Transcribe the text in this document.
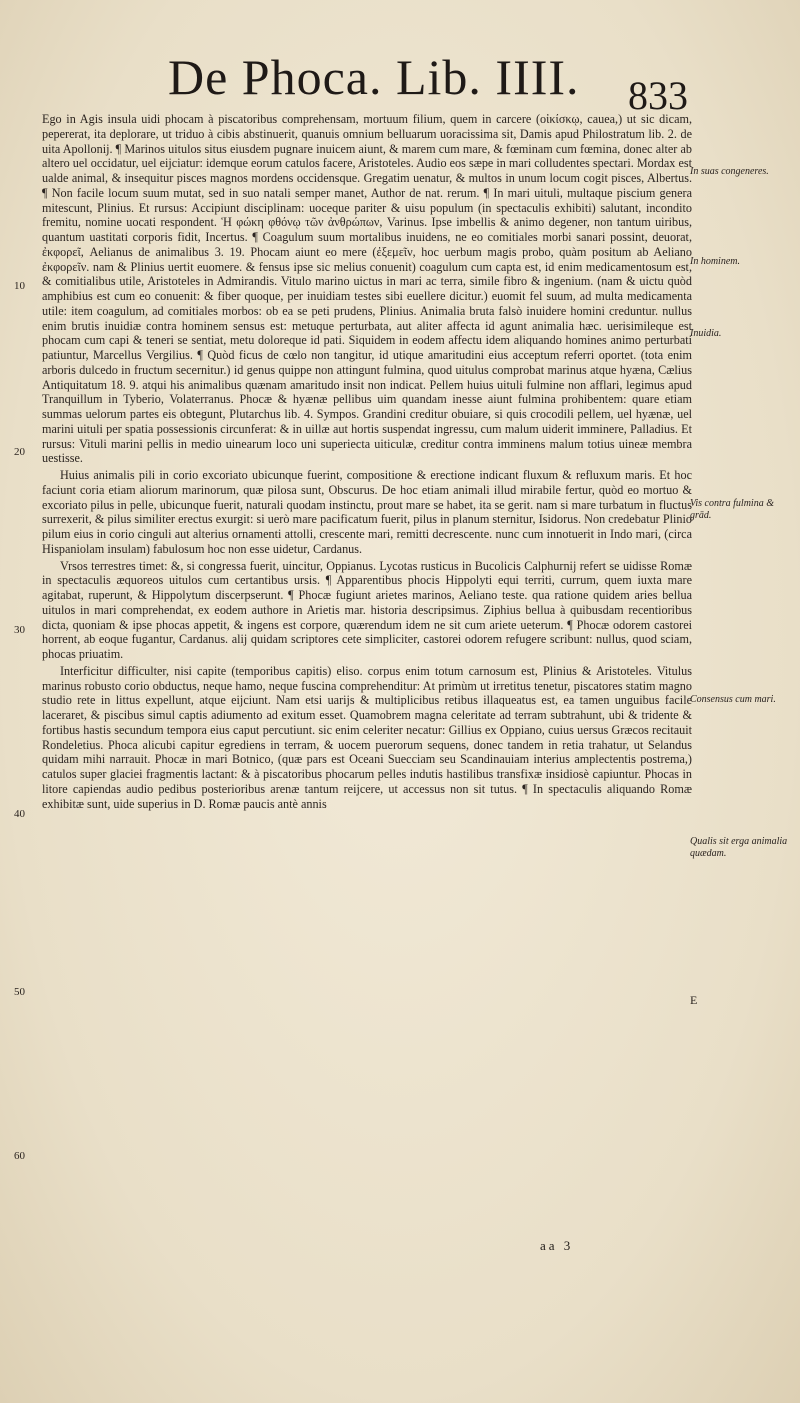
De Phoca. Lib. IIII. 833

Ego in Agis insula uidi phocam à piscatoribus comprehensam, mortuum filium, quem in carcere (οἰκίσκῳ, cauea,) ut sic dicam, pepererat, ita deplorare, ut triduo à cibis abstinuerit, quanuis omnium belluarum uoracissima sit, Damis apud Philostratum lib. 2. de uita Apollonij. ¶ Marinos uitulos situs eiusdem pugnare inuicem aiunt, & marem cum mare, & fœminam cum fœmina, donec alter ab altero uel occidatur, uel eijciatur: idemque eorum catulos facere, Aristoteles. Audio eos sæpe in mari colludentes spectari. Mordax est ualde animal, & insequitur pisces magnos mordens occidensque. Gregatim uenatur, & multos in unum locum cogit pisces, Albertus. ¶ Non facile locum suum mutat, sed in suo natali semper manet, Author de nat. rerum. ¶ In mari uituli, multaque piscium genera mitescunt, Plinius. Et rursus: Accipiunt disciplinam: uoceque pariter & uisu populum (in spectaculis exhibiti) salutant, incondito fremitu, nomine uocati respondent. Ἡ φώκη φθόνῳ τῶν ἀνθρώπων, Varinus. Ipse imbellis & animo degener, non tantum uiribus, quantum uastitati corporis fidit, Incertus. ¶ Coagulum suum mortalibus inuidens, ne eo comitiales morbi sanari possint, deuorat, ἐκφορεῖ, Aelianus de animalibus 3. 19. Phocam aiunt eo mere (ἐξεμεῖν, hoc uerbum magis probo, quàm positum ab Aeliano ἐκφορεῖν. nam & Plinius uertit euomere. & fensus ipse sic melius conuenit) coagulum cum capta est, id enim medicamentosum est, & comitialibus utile, Aristoteles in Admirandis. Vitulo marino uictus in mari ac terra, simile fibro & ingenium. (nam & uictu quòd amphibius est cum eo conuenit: & fiber quoque, per inuidiam testes sibi euellere dicitur.) euomit fel suum, ad multa medicamenta utile: item coagulum, ad comitiales morbos: ob ea se peti prudens, Plinius. Animalia bruta falsò inuidere homini creduntur. nullus enim brutis inuidiæ contra hominem sensus est: metuque perturbata, aut aliter affecta id agunt animalia hæc. uerisimileque est phocam cum capi & teneri se sentiat, metu doloreque id pati. Siquidem in eodem affectu idem aliquando homines animo perturbati patiuntur, Marcellus Vergilius. ¶ Quòd ficus de cœlo non tangitur, id utique amaritudini eius acceptum referri oportet. (tota enim arboris dulcedo in fructum secernitur.) id genus quippe non attingunt fulmina, quod uitulus comprobat marinus atque hyæna, Cælius Antiquitatum 18. 9. atqui his animalibus quænam amaritudo insit non indicat. Pellem huius uituli fulmine non afflari, legimus apud Tranquillum in Tyberio, Volaterranus. Phocæ & hyænæ pellibus uim quandam inesse aiunt fulmina prohibentem: quare etiam summas uelorum partes eis obtegunt, Plutarchus lib. 4. Sympos. Grandini creditur obuiare, si quis crocodili pellem, uel hyænæ, uel marini uituli per spatia possessionis circunferat: & in uillæ aut hortis suspendat ingressu, cum malum uiderit imminere, Palladius. Et rursus: Vituli marini pellis in medio uinearum loco uni superiecta uiticulæ, creditur contra imminens malum totius uineæ membra uestisse.

Huius animalis pili in corio excoriato ubicunque fuerint, compositione & erectione indicant fluxum & refluxum maris. Et hoc faciunt coria etiam aliorum marinorum, quæ pilosa sunt, Obscurus. De hoc etiam animali illud mirabile fertur, quòd eo mortuo & excoriato pilus in pelle, ubicunque fuerit, naturali quodam instinctu, prout mare se habet, ita se gerit. nam si mare turbatum in fluctus surrexerit, & pilus similiter erectus exurgit: si uerò mare pacificatum fuerit, pilus in planum sternitur, Isidorus. Non credebatur Plinio pilum eius in corio cinguli aut alterius ornamenti attolli, crescente mari, remitti decrescente. nunc cum innotuerit in Indo mari, (circa Hispaniolam insulam) fabulosum hoc non esse uidetur, Cardanus.

Vrsos terrestres timet: &, si congressa fuerit, uincitur, Oppianus. Lycotas rusticus in Bucolicis Calphurnij refert se uidisse Romæ in spectaculis æquoreos uitulos cum certantibus ursis. ¶ Apparentibus phocis Hippolyti equi territi, currum, quem iuxta mare agitabat, ruperunt, & Hippolytum discerpserunt. ¶ Phocæ fugiunt arietes marinos, Aeliano teste. qua ratione quidem aries bellua uitulos in mari comprehendat, ex eodem authore in Arietis mar. historia descripsimus. Ziphius bellua à quibusdam recentioribus dicta, quoniam & ipse phocas appetit, & ingens est corpore, quærendum idem ne sit cum ariete ueterum. ¶ Phocæ odorem castorei horrent, ab eoque fugantur, Cardanus. alij quidam scriptores cete simpliciter, castorei odorem refugere scribunt: nullus, quod sciam, phocas priuatim.

Interficitur difficulter, nisi capite (temporibus capitis) eliso. corpus enim totum carnosum est, Plinius & Aristoteles. Vitulus marinus robusto corio obductus, neque hamo, neque fuscina comprehenditur: At primùm ut irretitus tenetur, piscatores statim magno studio rete in littus expellunt, atque eijciunt. Nam etsi uarijs & multiplicibus retibus illaqueatus est, ea tamen unguibus facile laceraret, & piscibus simul captis adiumento ad exitum esset. Quamobrem magna celeritate ad terram subtrahunt, ubi & tridente & fortibus hastis secundum tempora eius caput percutiunt. sic enim celeriter necatur: Gillius ex Oppiano, cuius uersus Græcos recitauit Rondeletius. Phoca alicubi capitur egrediens in terram, & uocem puerorum sequens, donec tandem in retia trahatur, ut Selandus quidam mihi narrauit. Phocæ in mari Botnico, (quæ pars est Oceani Suecciam seu Scandinauiam interius amplectentis postrema,) catulos super glaciei fragmentis lactant: & à piscatoribus phocarum pelles indutis hastilibus transfixæ insidiosè capiuntur. Phocas in litore capiendas audio pedibus posterioribus arenæ tantum reijcere, ut accessus non sit tutus. ¶ In spectaculis aliquando Romæ exhibitæ sunt, uide superius in D. Romæ paucis antè annis

10
20
30
40
50
60
In suas congeneres.
In hominem.
Inuidia.
Vis contra fulmina & grād.
Consensus cum mari.
Qualis sit erga animalia quædam.
E
aa 3
